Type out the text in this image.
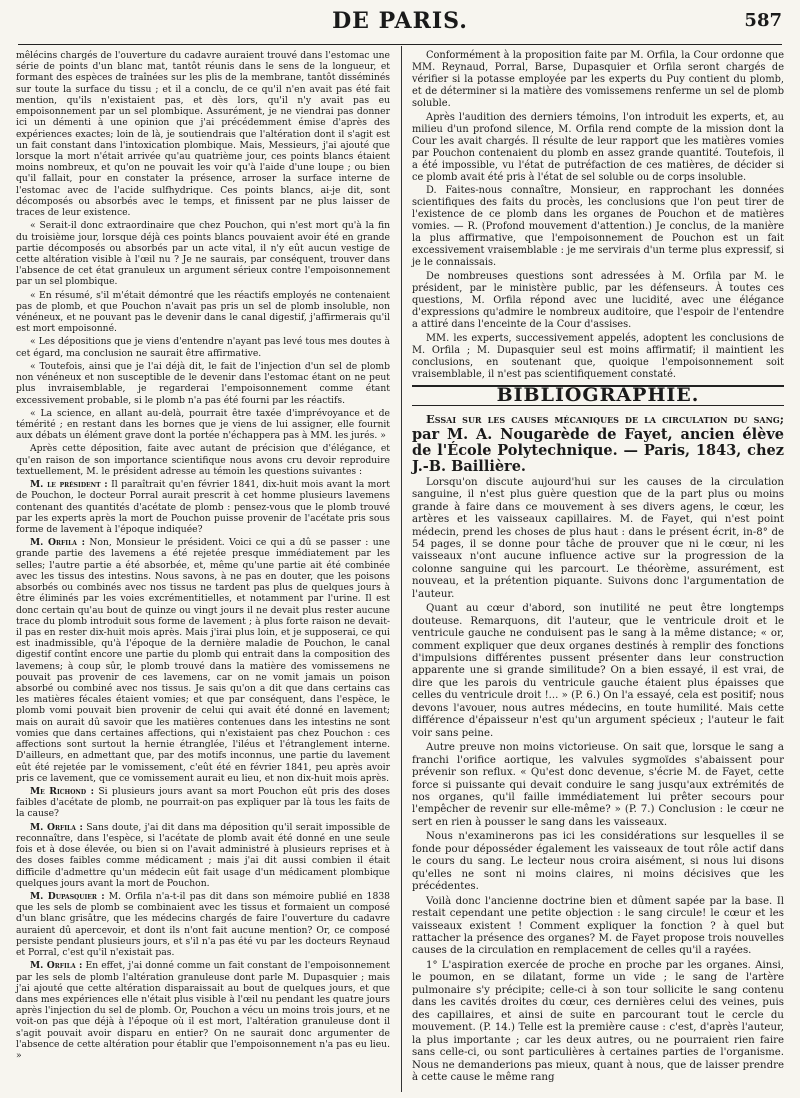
DE PARIS.	587

mêlécins chargés de l'ouverture du cadavre auraient trouvé dans l'estomac une série de points d'un blanc mat, tantôt réunis dans le sens de la longueur, et formant des espèces de traînées sur les plis de la membrane, tantôt disséminés sur toute la surface du tissu ; et il a conclu, de ce qu'il n'en avait pas été fait mention, qu'ils n'existaient pas, et dès lors, qu'il n'y avait pas eu empoisonnement par un sel plombique. Assurément, je ne viendrai pas donner ici un démenti à une opinion que j'ai précédemment émise d'après des expériences exactes; loin de là, je soutiendrais que l'altération dont il s'agit est un fait constant dans l'intoxication plombique. Mais, Messieurs, j'ai ajouté que lorsque la mort n'était arrivée qu'au quatrième jour, ces points blancs étaient moins nombreux, et qu'on ne pouvait les voir qu'à l'aide d'une loupe ; ou bien qu'il fallait, pour en constater la présence, arroser la surface interne de l'estomac avec de l'acide sulfhydrique. Ces points blancs, ai-je dit, sont décomposés ou absorbés avec le temps, et finissent par ne plus laisser de traces de leur existence.

« Serait-il donc extraordinaire que chez Pouchon, qui n'est mort qu'à la fin du troisième jour, lorsque déjà ces points blancs pouvaient avoir été en grande partie décomposés ou absorbés par un acte vital, il n'y eût aucun vestige de cette altération visible à l'œil nu ? Je ne saurais, par conséquent, trouver dans l'absence de cet état granuleux un argument sérieux contre l'empoisonnement par un sel plombique.

« En résumé, s'il m'était démontré que les réactifs employés ne contenaient pas de plomb, et que Pouchon n'avait pas pris un sel de plomb insoluble, non vénéneux, et ne pouvant pas le devenir dans le canal digestif, j'affirmerais qu'il est mort empoisonné.

« Les dépositions que je viens d'entendre n'ayant pas levé tous mes doutes à cet égard, ma conclusion ne saurait être affirmative.

« Toutefois, ainsi que je l'ai déjà dit, le fait de l'injection d'un sel de plomb non vénéneux et non susceptible de le devenir dans l'estomac étant on ne peut plus invraisemblable, je regarderai l'empoisonnement comme étant excessivement probable, si le plomb n'a pas été fourni par les réactifs.

« La science, en allant au-delà, pourrait être taxée d'imprévoyance et de témérité ; en restant dans les bornes que je viens de lui assigner, elle fournit aux débats un élément grave dont la portée n'échappera pas à MM. les jurés. »

Après cette déposition, faite avec autant de précision que d'élégance, et qu'en raison de son importance scientifique nous avons cru devoir reproduire textuellement, M. le président adresse au témoin les questions suivantes :

M. le président : Il paraîtrait qu'en février 1841, dix-huit mois avant la mort de Pouchon, le docteur Porral aurait prescrit à cet homme plusieurs lavemens contenant des quantités d'acétate de plomb : pensez-vous que le plomb trouvé par les experts après la mort de Pouchon puisse provenir de l'acétate pris sous forme de lavement à l'époque indiquée?

M. Orfila : Non, Monsieur le président. Voici ce qui a dû se passer : une grande partie des lavemens a été rejetée presque immédiatement par les selles; l'autre partie a été absorbée, et, même qu'une partie ait été combinée avec les tissus des intestins. Nous savons, à ne pas en douter, que les poisons absorbés ou combinés avec nos tissus ne tardent pas plus de quelques jours à être éliminés par les voies excrémentitielles, et notamment par l'urine. Il est donc certain qu'au bout de quinze ou vingt jours il ne devait plus rester aucune trace du plomb introduit sous forme de lavement ; à plus forte raison ne devait-il pas en rester dix-huit mois après. Mais j'irai plus loin, et je supposerai, ce qui est inadmissible, qu'à l'époque de la dernière maladie de Pouchon, le canal digestif contînt encore une partie du plomb qui entrait dans la composition des lavemens; à coup sûr, le plomb trouvé dans la matière des vomissemens ne pouvait pas provenir de ces lavemens, car on ne vomit jamais un poison absorbé ou combiné avec nos tissus. Je sais qu'on a dit que dans certains cas les matières fécales étaient vomies; et que par conséquent, dans l'espèce, le plomb vomi pouvait bien provenir de celui qui avait été donné en lavement; mais on aurait dû savoir que les matières contenues dans les intestins ne sont vomies que dans certaines affections, qui n'existaient pas chez Pouchon : ces affections sont surtout la hernie étranglée, l'iléus et l'étranglement interne. D'ailleurs, en admettant que, par des motifs inconnus, une partie du lavement eût été rejetée par le vomissement, c'eût été en février 1841, peu après avoir pris ce lavement, que ce vomissement aurait eu lieu, et non dix-huit mois après.

Me Richond : Si plusieurs jours avant sa mort Pouchon eût pris des doses faibles d'acétate de plomb, ne pourrait-on pas expliquer par là tous les faits de la cause?

M. Orfila : Sans doute, j'ai dit dans ma déposition qu'il serait impossible de reconnaître, dans l'espèce, si l'acétate de plomb avait été donné en une seule fois et à dose élevée, ou bien si on l'avait administré à plusieurs reprises et à des doses faibles comme médicament ; mais j'ai dit aussi combien il était difficile d'admettre qu'un médecin eût fait usage d'un médicament plombique quelques jours avant la mort de Pouchon.

M. Dupasquier : M. Orfila n'a-t-il pas dit dans son mémoire publié en 1838 que les sels de plomb se combinaient avec les tissus et formaient un composé d'un blanc grisâtre, que les médecins chargés de faire l'ouverture du cadavre auraient dû apercevoir, et dont ils n'ont fait aucune mention? Or, ce composé persiste pendant plusieurs jours, et s'il n'a pas été vu par les docteurs Reynaud et Porral, c'est qu'il n'existait pas.

M. Orfila : En effet, j'ai donné comme un fait constant de l'empoisonnement par les sels de plomb l'altération granuleuse dont parle M. Dupasquier ; mais j'ai ajouté que cette altération disparaissait au bout de quelques jours, et que dans mes expériences elle n'était plus visible à l'œil nu pendant les quatre jours après l'injection du sel de plomb. Or, Pouchon a vécu un moins trois jours, et ne voit-on pas que déjà à l'époque où il est mort, l'altération granuleuse dont il s'agit pouvait avoir disparu en entier? On ne saurait donc argumenter de l'absence de cette altération pour établir que l'empoisonnement n'a pas eu lieu. »

Conformément à la proposition faite par M. Orfila, la Cour ordonne que MM. Reynaud, Porral, Barse, Dupasquier et Orfila seront chargés de vérifier si la potasse employée par les experts du Puy contient du plomb, et de déterminer si la matière des vomissemens renferme un sel de plomb soluble.

Après l'audition des derniers témoins, l'on introduit les experts, et, au milieu d'un profond silence, M. Orfila rend compte de la mission dont la Cour les avait chargés. Il résulte de leur rapport que les matières vomies par Pouchon contenaient du plomb en assez grande quantité. Toutefois, il a été impossible, vu l'état de putréfaction de ces matières, de décider si ce plomb avait été pris à l'état de sel soluble ou de corps insoluble.

D. Faites-nous connaître, Monsieur, en rapprochant les données scientifiques des faits du procès, les conclusions que l'on peut tirer de l'existence de ce plomb dans les organes de Pouchon et de matières vomies. — R. (Profond mouvement d'attention.) Je conclus, de la manière la plus affirmative, que l'empoisonnement de Pouchon est un fait excessivement vraisemblable : je me servirais d'un terme plus expressif, si je le connaissais.

De nombreuses questions sont adressées à M. Orfila par M. le président, par le ministère public, par les défenseurs. À toutes ces questions, M. Orfila répond avec une lucidité, avec une élégance d'expressions qu'admire le nombreux auditoire, que l'espoir de l'entendre a attiré dans l'enceinte de la Cour d'assises.

MM. les experts, successivement appelés, adoptent les conclusions de M. Orfila ; M. Dupasquier seul est moins affirmatif; il maintient les conclusions, en soutenant que, quoique l'empoisonnement soit vraisemblable, il n'est pas scientifiquement constaté.

BIBLIOGRAPHIE.

Essai sur les causes mécaniques de la circulation du sang; par M. A. Nougarède de Fayet, ancien élève de l'École Polytechnique. — Paris, 1843, chez J.-B. Baillière.

Lorsqu'on discute aujourd'hui sur les causes de la circulation sanguine, il n'est plus guère question que de la part plus ou moins grande à faire dans ce mouvement à ses divers agens, le cœur, les artères et les vaisseaux capillaires. M. de Fayet, qui n'est point médecin, prend les choses de plus haut : dans le présent écrit, in-8° de 54 pages, il se donne pour tâche de prouver que ni le cœur, ni les vaisseaux n'ont aucune influence active sur la progression de la colonne sanguine qui les parcourt. Le théorème, assurément, est nouveau, et la prétention piquante. Suivons donc l'argumentation de l'auteur.

Quant au cœur d'abord, son inutilité ne peut être longtemps douteuse. Remarquons, dit l'auteur, que le ventricule droit et le ventricule gauche ne conduisent pas le sang à la même distance; « or, comment expliquer que deux organes destinés à remplir des fonctions d'impulsions différentes pussent présenter dans leur construction apparente une si grande similitude? On a bien essayé, il est vrai, de dire que les parois du ventricule gauche étaient plus épaisses que celles du ventricule droit !... » (P. 6.) On l'a essayé, cela est positif; nous devons l'avouer, nous autres médecins, en toute humilité. Mais cette différence d'épaisseur n'est qu'un argument spécieux ; l'auteur le fait voir sans peine.

Autre preuve non moins victorieuse. On sait que, lorsque le sang a franchi l'orifice aortique, les valvules sygmoïdes s'abaissent pour prévenir son reflux. « Qu'est donc devenue, s'écrie M. de Fayet, cette force si puissante qui devait conduire le sang jusqu'aux extrémités de nos organes, qu'il faille immédiatement lui prêter secours pour l'empêcher de revenir sur elle-même? » (P. 7.) Conclusion : le cœur ne sert en rien à pousser le sang dans les vaisseaux.

Nous n'examinerons pas ici les considérations sur lesquelles il se fonde pour déposséder également les vaisseaux de tout rôle actif dans le cours du sang. Le lecteur nous croira aisément, si nous lui disons qu'elles ne sont ni moins claires, ni moins décisives que les précédentes.

Voilà donc l'ancienne doctrine bien et dûment sapée par la base. Il restait cependant une petite objection : le sang circule! le cœur et les vaisseaux existent ! Comment expliquer la fonction ? à quel but rattacher la présence des organes? M. de Fayet propose trois nouvelles causes de la circulation en remplacement de celles qu'il a rayées.

1° L'aspiration exercée de proche en proche par les organes. Ainsi, le poumon, en se dilatant, forme un vide ; le sang de l'artère pulmonaire s'y précipite; celle-ci à son tour sollicite le sang contenu dans les cavités droites du cœur, ces dernières celui des veines, puis des capillaires, et ainsi de suite en parcourant tout le cercle du mouvement. (P. 14.) Telle est la première cause : c'est, d'après l'auteur, la plus importante ; car les deux autres, ou ne pourraient rien faire sans celle-ci, ou sont particulières à certaines parties de l'organisme. Nous ne demanderions pas mieux, quant à nous, que de laisser prendre à cette cause le même rang
